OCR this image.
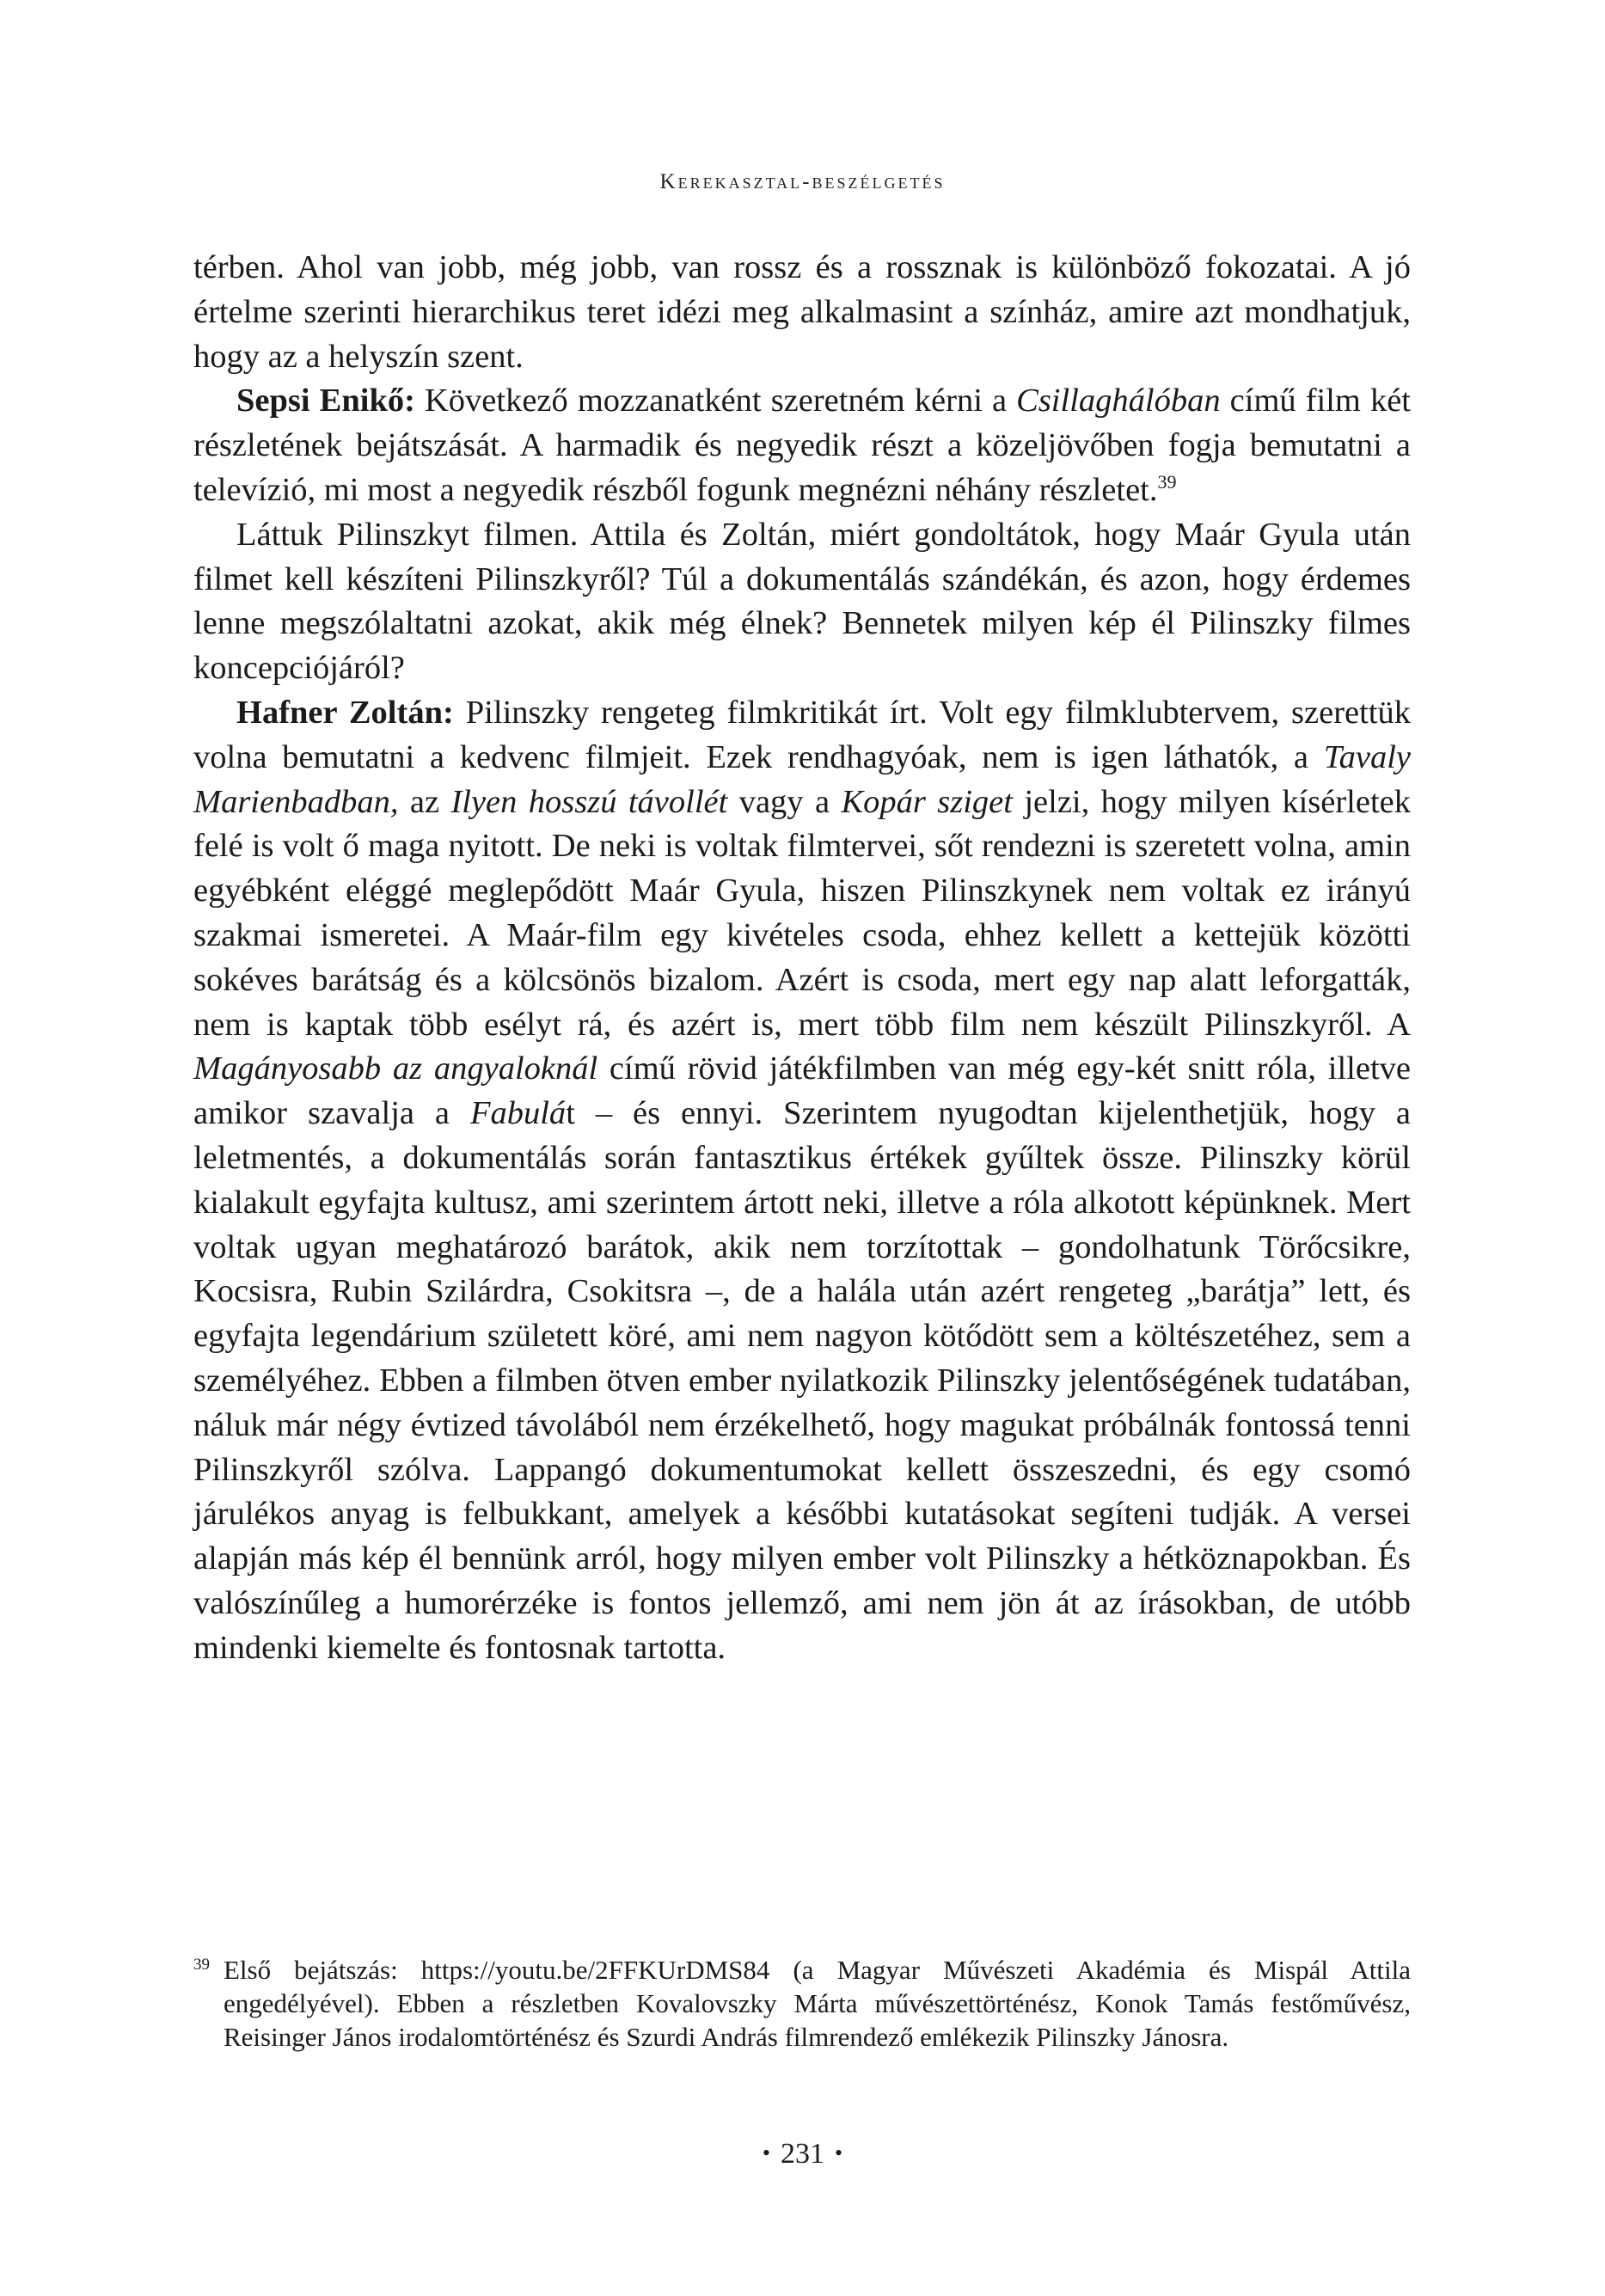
Kerekasztal-beszélgetés

térben. Ahol van jobb, még jobb, van rossz és a rossznak is különböző fokozatai. A jó értelme szerinti hierarchikus teret idézi meg alkalmasint a színház, amire azt mondhatjuk, hogy az a helyszín szent.

Sepsi Enikő: Következő mozzanatként szeretném kérni a Csillaghálóban című film két részletének bejátszását. A harmadik és negyedik részt a közeljövőben fogja bemutatni a televízió, mi most a negyedik részből fogunk megnézni néhány részletet.$^{39}$

Láttuk Pilinszkyt filmen. Attila és Zoltán, miért gondoltátok, hogy Maár Gyula után filmet kell készíteni Pilinszkyről? Túl a dokumentálás szándékán, és azon, hogy érdemes lenne megszólaltatni azokat, akik még élnek? Bennetek milyen kép él Pilinszky filmes koncepciójáról?

Hafner Zoltán: Pilinszky rengeteg filmkritikát írt. Volt egy filmklubtervem, szerettük volna bemutatni a kedvenc filmjeit. Ezek rendhagyóak, nem is igen láthatók, a Tavaly Marienbadban, az Ilyen hosszú távollét vagy a Kopár sziget jelzi, hogy milyen kísérletek felé is volt ő maga nyitott. De neki is voltak filmtervei, sőt rendezni is szeretett volna, amin egyébként eléggé meglepődött Maár Gyula, hiszen Pilinszkynek nem voltak ez irányú szakmai ismeretei. A Maár-film egy kivételes csoda, ehhez kellett a kettejük közötti sokéves barátság és a kölcsönös bizalom. Azért is csoda, mert egy nap alatt leforgatták, nem is kaptak több esélyt rá, és azért is, mert több film nem készült Pilinszkyről. A Magányosabb az angyaloknál című rövid játékfilmben van még egy-két snitt róla, illetve amikor szavalja a Fabulát – és ennyi. Szerintem nyugodtan kijelenthetjük, hogy a leletmentés, a dokumentálás során fantasztikus értékek gyűltek össze. Pilinszky körül kialakult egyfajta kultusz, ami szerintem ártott neki, illetve a róla alkotott képünknek. Mert voltak ugyan meghatározó barátok, akik nem torzítottak – gondolhatunk Törőcsikre, Kocsisra, Rubin Szilárdra, Csokitsra –, de a halála után azért rengeteg „barátja” lett, és egyfajta legendárium született köré, ami nem nagyon kötődött sem a költészetéhez, sem a személyéhez. Ebben a filmben ötven ember nyilatkozik Pilinszky jelentőségének tudatában, náluk már négy évtized távolából nem érzékelhető, hogy magukat próbálnák fontossá tenni Pilinszkyről szólva. Lappangó dokumentumokat kellett összeszedni, és egy csomó járulékos anyag is felbukkant, amelyek a későbbi kutatásokat segíteni tudják. A versei alapján más kép él bennünk arról, hogy milyen ember volt Pilinszky a hétköznapokban. És valószínűleg a humorérzéke is fontos jellemző, ami nem jön át az írásokban, de utóbb mindenki kiemelte és fontosnak tartotta.

39 Első bejátszás: https://youtu.be/2FFKUrDMS84 (a Magyar Művészeti Akadémia és Mispál Attila engedélyével). Ebben a részletben Kovalovszky Márta művészettörténész, Konok Tamás festőművész, Reisinger János irodalomtörténész és Szurdi András filmrendező emlékezik Pilinszky Jánosra.
• 231 •
